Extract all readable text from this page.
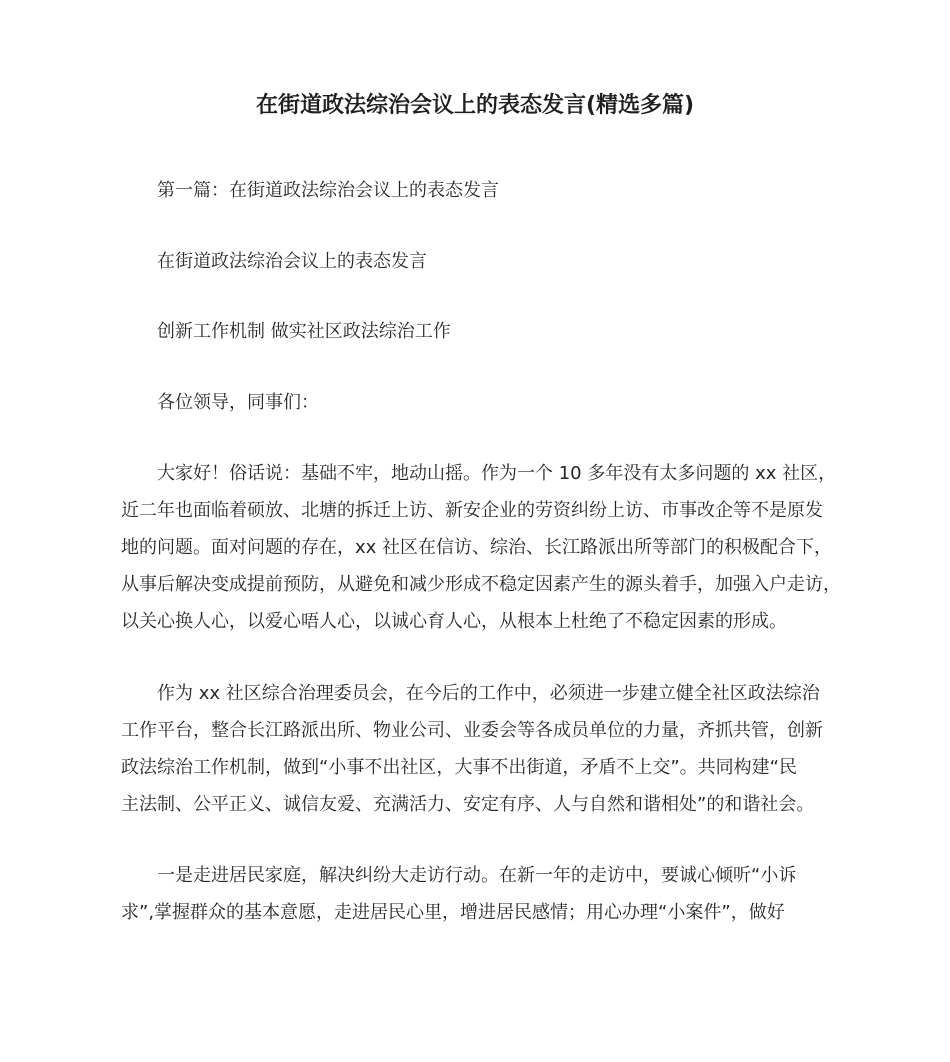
在街道政法综治会议上的表态发言(精选多篇)

第一篇：在街道政法综治会议上的表态发言

在街道政法综治会议上的表态发言

创新工作机制 做实社区政法综治工作

各位领导，同事们：

大家好！俗话说：基础不牢，地动山摇。作为一个 10 多年没有太多问题的 xx 社区，
近二年也面临着硕放、北塘的拆迁上访、新安企业的劳资纠纷上访、市事改企等不是原发
地的问题。面对问题的存在，xx 社区在信访、综治、长江路派出所等部门的积极配合下，
从事后解决变成提前预防，从避免和减少形成不稳定因素产生的源头着手，加强入户走访，
以关心换人心，以爱心唔人心，以诚心育人心，从根本上杜绝了不稳定因素的形成。

作为 xx 社区综合治理委员会，在今后的工作中，必须进一步建立健全社区政法综治
工作平台，整合长江路派出所、物业公司、业委会等各成员单位的力量，齐抓共管，创新
政法综治工作机制，做到“小事不出社区，大事不出街道，矛盾不上交”。共同构建“民
主法制、公平正义、诚信友爱、充满活力、安定有序、人与自然和谐相处”的和谐社会。

一是走进居民家庭，解决纠纷大走访行动。在新一年的走访中，要诚心倾听“小诉
求”,掌握群众的基本意愿，走进居民心里，增进居民感情；用心办理“小案件”，做好
